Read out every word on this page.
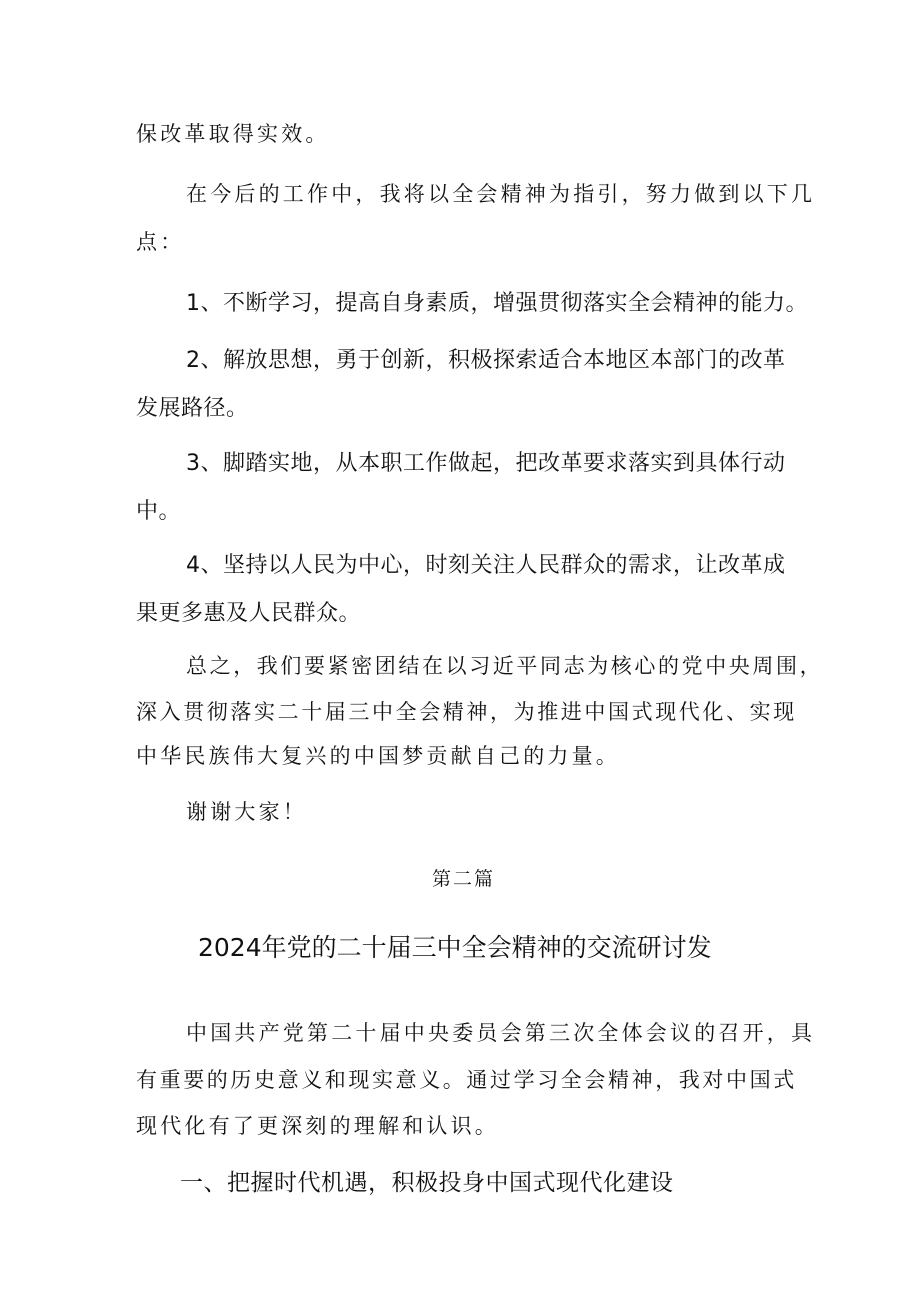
保改革取得实效。

在今后的工作中，我将以全会精神为指引，努力做到以下几

点：

1、不断学习，提高自身素质，增强贯彻落实全会精神的能力。

2、解放思想，勇于创新，积极探索适合本地区本部门的改革

发展路径。

3、脚踏实地，从本职工作做起，把改革要求落实到具体行动

中。

4、坚持以人民为中心，时刻关注人民群众的需求，让改革成

果更多惠及人民群众。

总之，我们要紧密团结在以习近平同志为核心的党中央周围，

深入贯彻落实二十届三中全会精神，为推进中国式现代化、实现

中华民族伟大复兴的中国梦贡献自己的力量。

谢谢大家！

第二篇

2024年党的二十届三中全会精神的交流研讨发

中国共产党第二十届中央委员会第三次全体会议的召开，具

有重要的历史意义和现实意义。通过学习全会精神，我对中国式

现代化有了更深刻的理解和认识。

一、把握时代机遇，积极投身中国式现代化建设
